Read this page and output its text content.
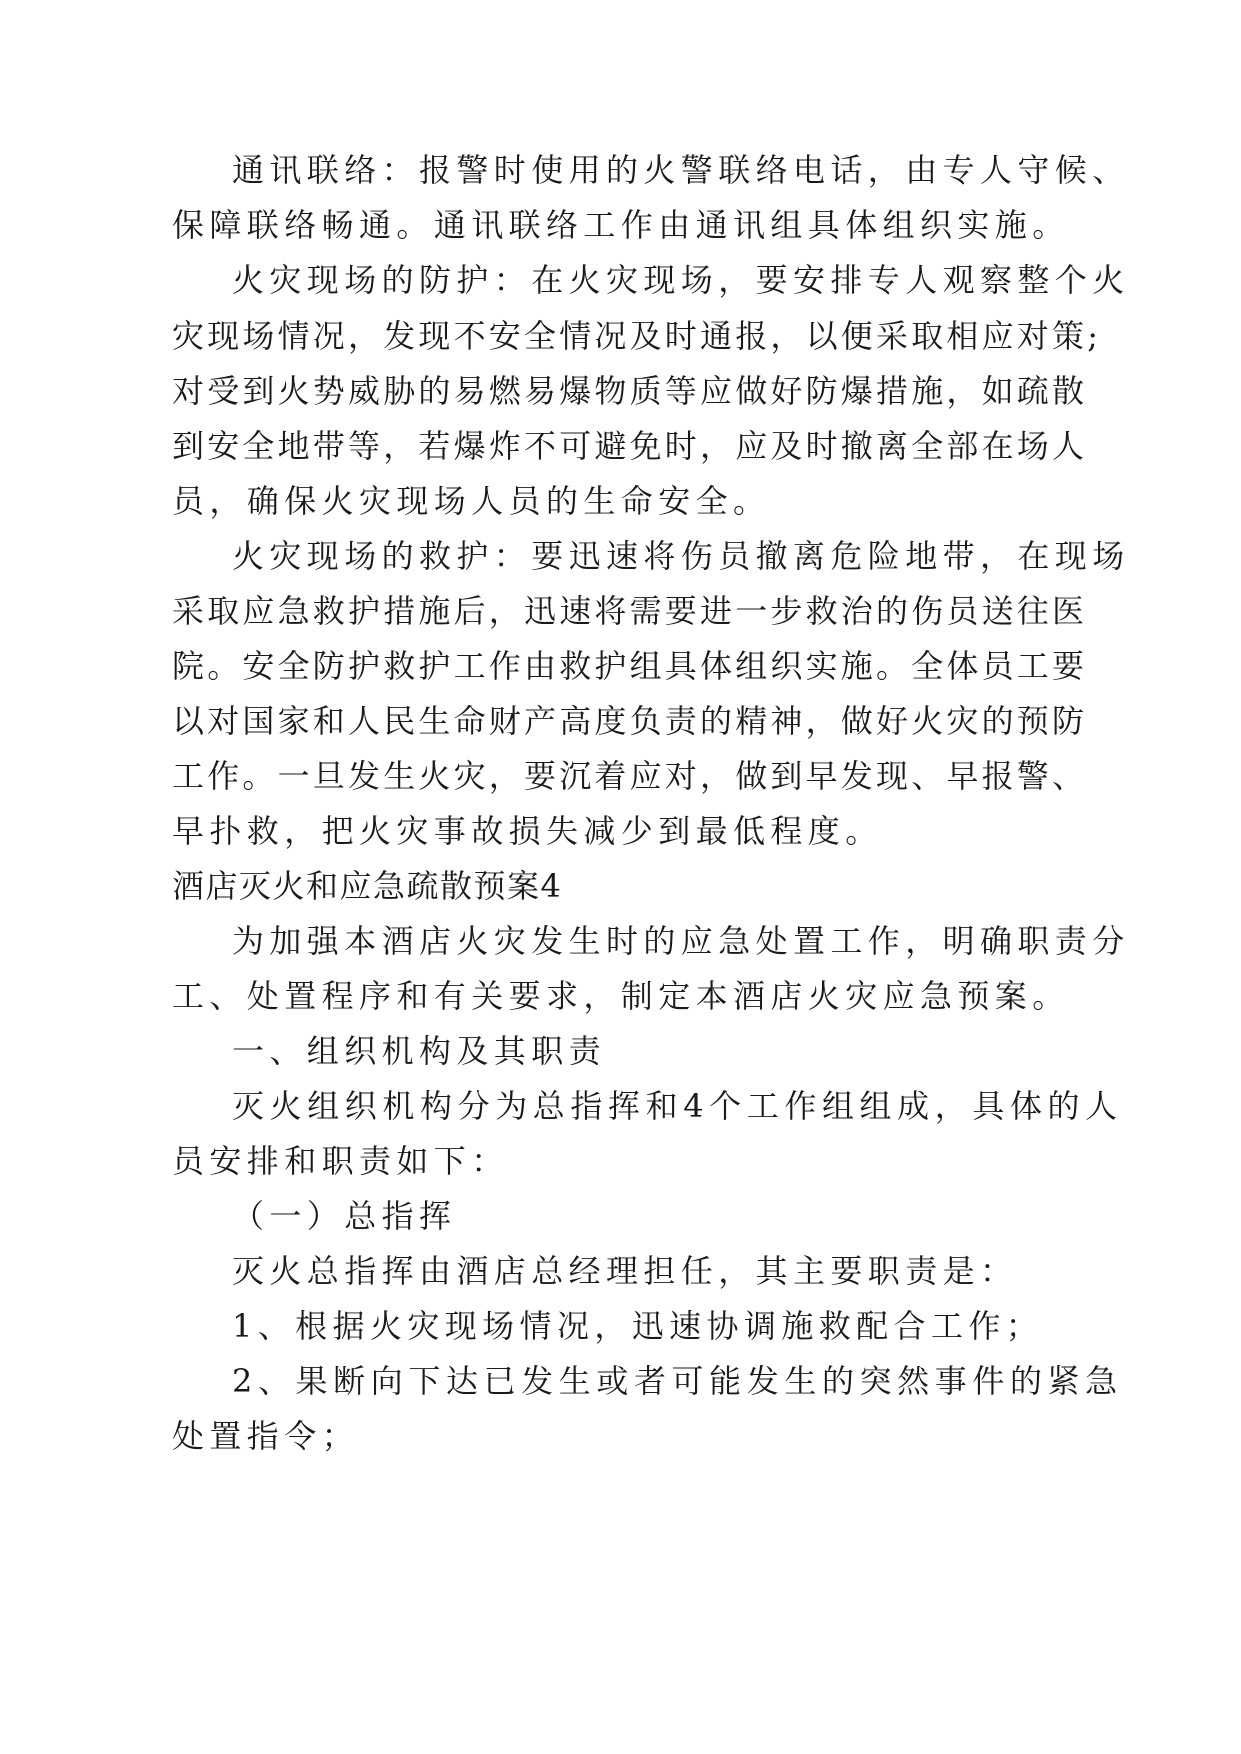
通讯联络：报警时使用的火警联络电话，由专人守候、
保障联络畅通。通讯联络工作由通讯组具体组织实施。
火灾现场的防护：在火灾现场，要安排专人观察整个火
灾现场情况，发现不安全情况及时通报，以便采取相应对策;
对受到火势威胁的易燃易爆物质等应做好防爆措施，如疏散
到安全地带等，若爆炸不可避免时，应及时撤离全部在场人
员，确保火灾现场人员的生命安全。
火灾现场的救护：要迅速将伤员撤离危险地带，在现场
采取应急救护措施后，迅速将需要进一步救治的伤员送往医
院。安全防护救护工作由救护组具体组织实施。全体员工要
以对国家和人民生命财产高度负责的精神，做好火灾的预防
工作。一旦发生火灾，要沉着应对，做到早发现、早报警、
早扑救，把火灾事故损失减少到最低程度。
酒店灭火和应急疏散预案4
为加强本酒店火灾发生时的应急处置工作，明确职责分
工、处置程序和有关要求，制定本酒店火灾应急预案。
一、组织机构及其职责
灭火组织机构分为总指挥和4个工作组组成，具体的人
员安排和职责如下：
（一）总指挥
灭火总指挥由酒店总经理担任，其主要职责是：
1、根据火灾现场情况，迅速协调施救配合工作；
2、果断向下达已发生或者可能发生的突然事件的紧急
处置指令；
